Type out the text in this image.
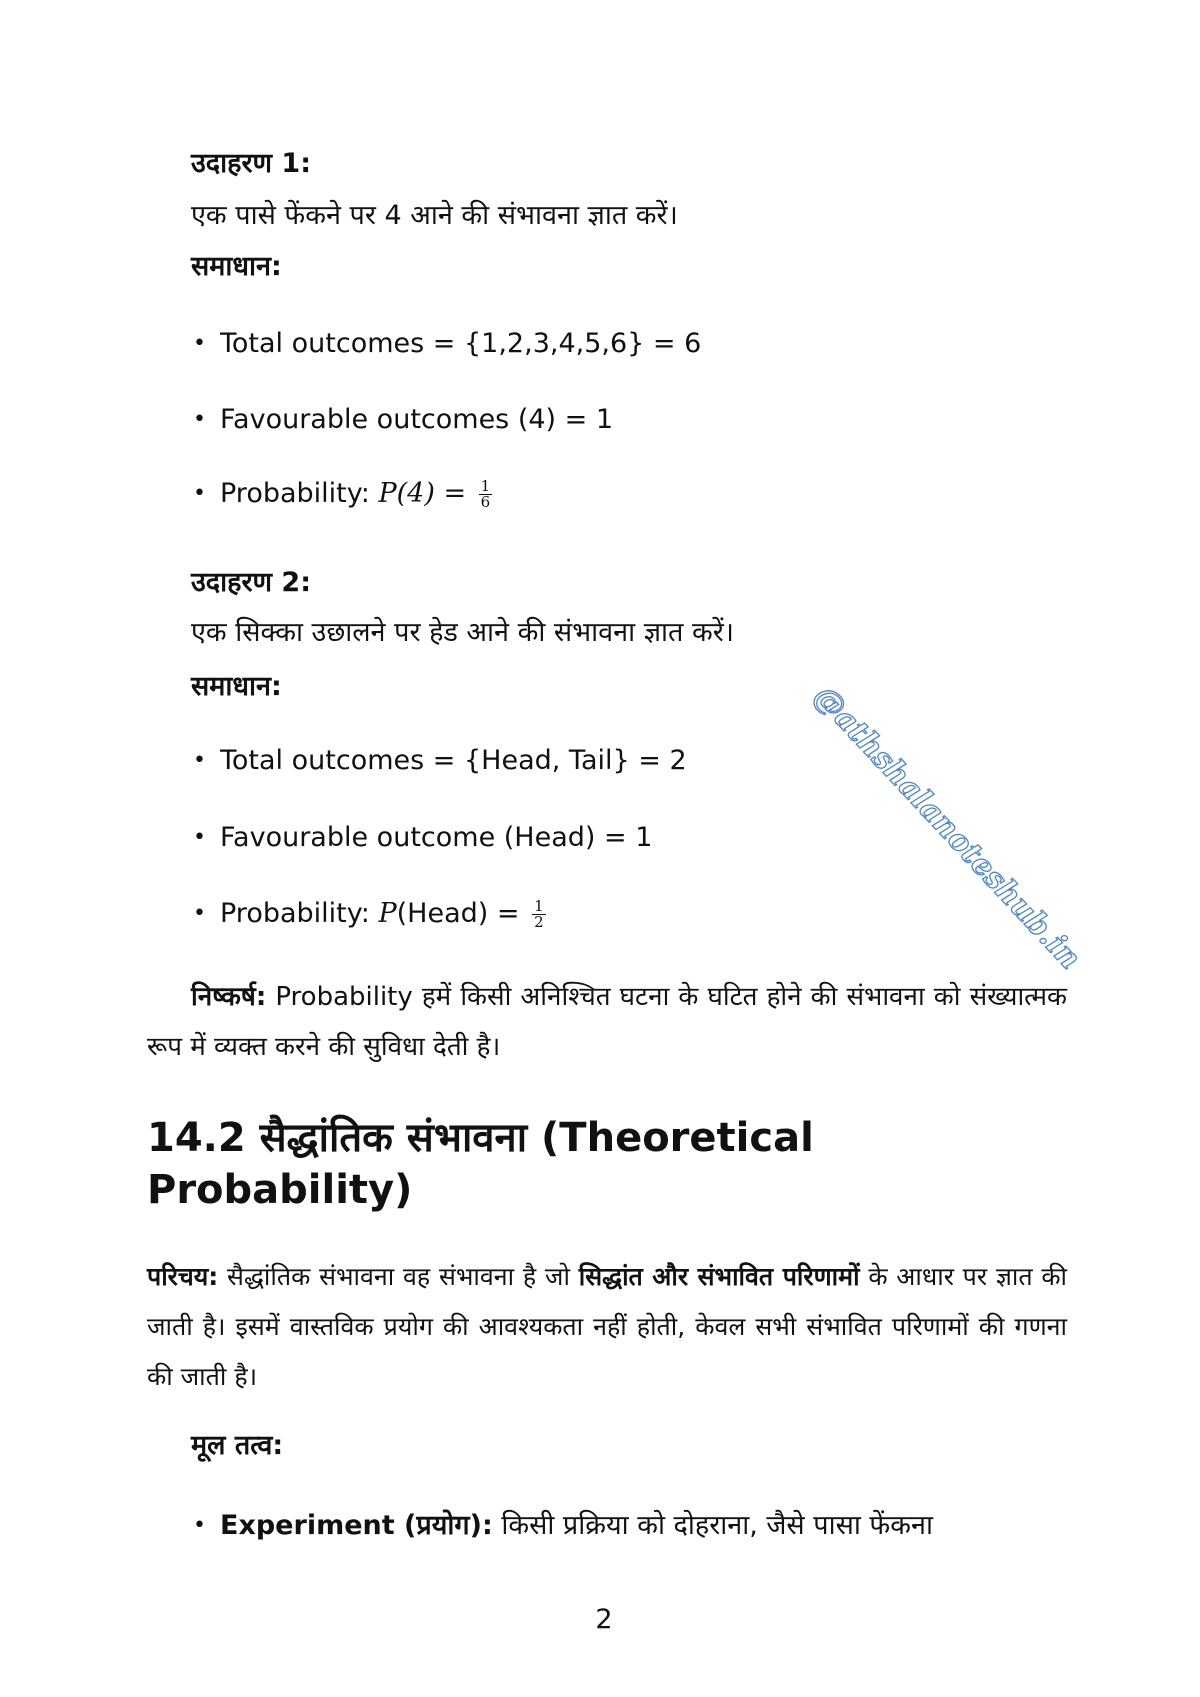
उदाहरण 1:
एक पासे फेंकने पर 4 आने की संभावना ज्ञात करें।
समाधान:
• Total outcomes = {1,2,3,4,5,6} = 6
• Favourable outcomes (4) = 1
• Probability: $P(4) = \frac{1}{6}$
उदाहरण 2:
एक सिक्का उछालने पर हेड आने की संभावना ज्ञात करें।
समाधान:
• Total outcomes = {Head, Tail} = 2
• Favourable outcome (Head) = 1
• Probability: P(Head) = $\frac{1}{2}$
निष्कर्ष: Probability हमें किसी अनिश्चित घटना के घटित होने की संभावना को संख्यात्मक रूप में व्यक्त करने की सुविधा देती है।
14.2 सैद्धांतिक संभावना (Theoretical Probability)
परिचय: सैद्धांतिक संभावना वह संभावना है जो सिद्धांत और संभावित परिणामों के आधार पर ज्ञात की जाती है। इसमें वास्तविक प्रयोग की आवश्यकता नहीं होती, केवल सभी संभावित परिणामों की गणना की जाती है।
मूल तत्व:
• Experiment (प्रयोग): किसी प्रक्रिया को दोहराना, जैसे पासा फेंकना
2
@athshalanoteshub.in
